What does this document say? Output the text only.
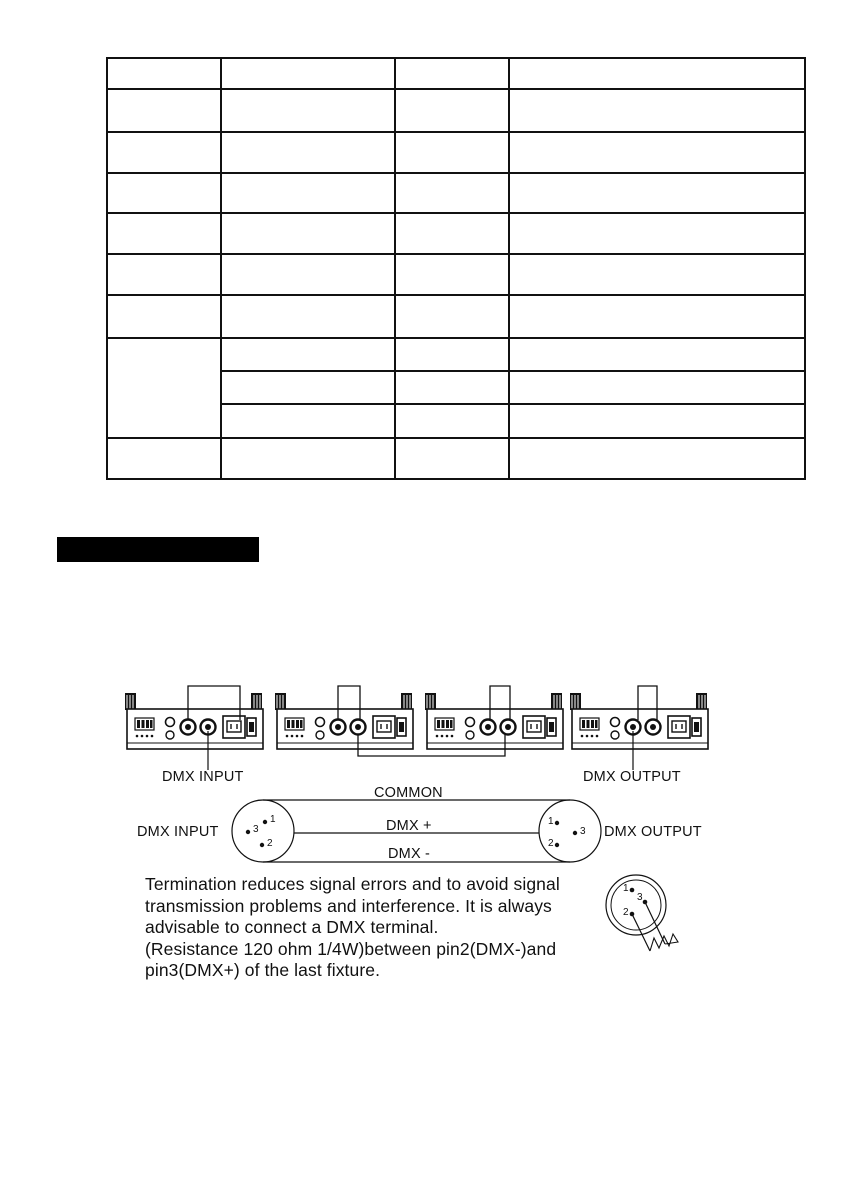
DMX INPUT	DMX OUTPUT
COMMON
DMX +
DMX -
DMX INPUT	DMX OUTPUT
1
3
2
1
3
2
1
3
2
Termination reduces signal errors and to avoid signal
transmission problems and interference. It is always
advisable to connect a DMX terminal.
(Resistance 120 ohm 1/4W)between pin2(DMX-)and
pin3(DMX+) of the last fixture.
